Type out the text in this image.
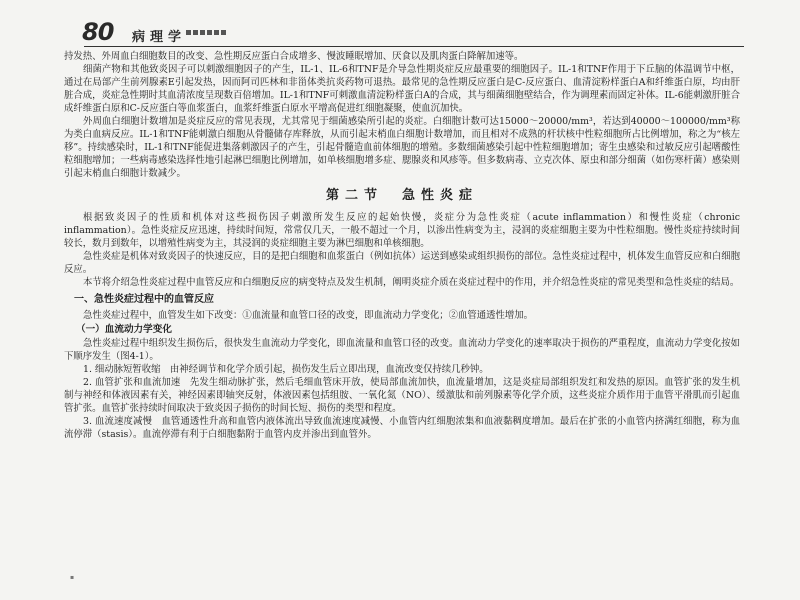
80 病理学

持发热、外周血白细胞数目的改变、急性期反应蛋白合成增多、慢波睡眠增加、厌食以及肌肉蛋白降解加速等。

细菌产物和其他致炎因子可以刺激细胞因子的产生，IL-1、IL-6和TNF是介导急性期炎症反应最重要的细胞因子。IL-1和TNF作用于下丘脑的体温调节中枢，通过在局部产生前列腺素E引起发热，因而阿司匹林和非甾体类抗炎药物可退热。最常见的急性期反应蛋白是C-反应蛋白、血清淀粉样蛋白A和纤维蛋白原，均由肝脏合成，炎症急性期时其血清浓度呈现数百倍增加。IL-1和TNF可刺激血清淀粉样蛋白A的合成，其与细菌细胞壁结合，作为调理素而固定补体。IL-6能刺激肝脏合成纤维蛋白原和C-反应蛋白等血浆蛋白，血浆纤维蛋白原水平增高促进红细胞凝聚，使血沉加快。

外周血白细胞计数增加是炎症反应的常见表现，尤其常见于细菌感染所引起的炎症。白细胞计数可达15000～20000/mm³，若达到40000～100000/mm³称为类白血病反应。IL-1和TNF能刺激白细胞从骨髓储存库释放，从而引起末梢血白细胞计数增加，而且相对不成熟的杆状核中性粒细胞所占比例增加，称之为“核左移”。持续感染时，IL-1和TNF能促进集落刺激因子的产生，引起骨髓造血前体细胞的增殖。多数细菌感染引起中性粒细胞增加；寄生虫感染和过敏反应引起嗜酸性粒细胞增加；一些病毒感染选择性地引起淋巴细胞比例增加，如单核细胞增多症、腮腺炎和风疹等。但多数病毒、立克次体、原虫和部分细菌（如伤寒杆菌）感染则引起末梢血白细胞计数减少。

第二节　急性炎症

根据致炎因子的性质和机体对这些损伤因子刺激所发生反应的起始快慢，炎症分为急性炎症（acute inflammation）和慢性炎症（chronic inflammation）。急性炎症反应迅速，持续时间短，常常仅几天，一般不超过一个月，以渗出性病变为主，浸润的炎症细胞主要为中性粒细胞。慢性炎症持续时间较长，数月到数年，以增殖性病变为主，其浸润的炎症细胞主要为淋巴细胞和单核细胞。

急性炎症是机体对致炎因子的快速反应，目的是把白细胞和血浆蛋白（例如抗体）运送到感染或组织损伤的部位。急性炎症过程中，机体发生血管反应和白细胞反应。

本节将介绍急性炎症过程中血管反应和白细胞反应的病变特点及发生机制，阐明炎症介质在炎症过程中的作用，并介绍急性炎症的常见类型和急性炎症的结局。

一、急性炎症过程中的血管反应

急性炎症过程中，血管发生如下改变：①血流量和血管口径的改变，即血流动力学变化；②血管通透性增加。

（一）血流动力学变化

急性炎症过程中组织发生损伤后，很快发生血流动力学变化，即血流量和血管口径的改变。血流动力学变化的速率取决于损伤的严重程度，血流动力学变化按如下顺序发生（图4-1）。

1. 细动脉短暂收缩　由神经调节和化学介质引起，损伤发生后立即出现，血流改变仅持续几秒钟。

2. 血管扩张和血流加速　先发生细动脉扩张，然后毛细血管床开放，使局部血流加快，血流量增加，这是炎症局部组织发红和发热的原因。血管扩张的发生机制与神经和体液因素有关，神经因素即轴突反射，体液因素包括组胺、一氧化氮（NO）、缓激肽和前列腺素等化学介质，这些炎症介质作用于血管平滑肌而引起血管扩张。血管扩张持续时间取决于致炎因子损伤的时间长短、损伤的类型和程度。

3. 血流速度减慢　血管通透性升高和血管内液体流出导致血流速度减慢、小血管内红细胞浓集和血液黏稠度增加。最后在扩张的小血管内挤满红细胞，称为血流停滞（stasis）。血流停滞有利于白细胞黏附于血管内皮并渗出到血管外。

▪
